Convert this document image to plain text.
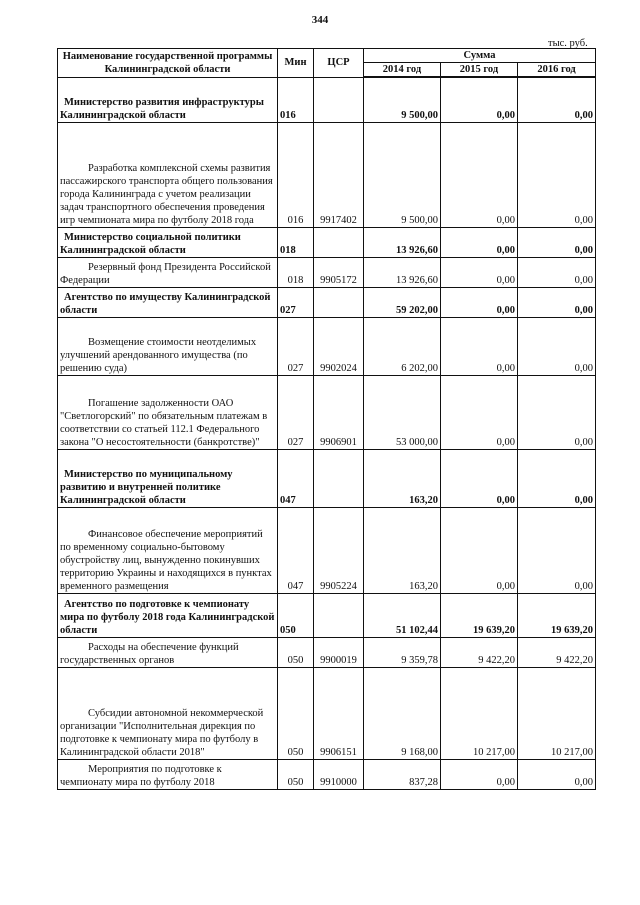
344
тыс. руб.
Наименование государственной программы Калининградской области	Мин	ЦСР	Сумма		
			2014 год	2015 год	2016 год
Министерство развития инфраструктуры Калининградской области	016		9 500,00	0,00	0,00
Разработка комплексной схемы развития пассажирского транспорта общего пользования города Калининграда с учетом реализации задач транспортного обеспечения проведения игр чемпионата мира по футболу 2018 года	016	9917402	9 500,00	0,00	0,00
Министерство социальной политики Калининградской области	018		13 926,60	0,00	0,00
Резервный фонд Президента Российской Федерации	018	9905172	13 926,60	0,00	0,00
Агентство по имуществу Калининградской области	027		59 202,00	0,00	0,00
Возмещение стоимости неотделимых улучшений арендованного имущества (по решению суда)	027	9902024	6 202,00	0,00	0,00
Погашение задолженности ОАО "Светлогорский" по обязательным платежам в соответствии со статьей 112.1 Федерального закона "О несостоятельности (банкротстве)"	027	9906901	53 000,00	0,00	0,00
Министерство по муниципальному развитию и внутренней политике Калининградской области	047		163,20	0,00	0,00
Финансовое обеспечение мероприятий по временному социально-бытовому обустройству лиц, вынужденно покинувших территорию Украины и находящихся в пунктах временного размещения	047	9905224	163,20	0,00	0,00
Агентство по подготовке к чемпионату мира по футболу 2018 года Калининградской области	050		51 102,44	19 639,20	19 639,20
Расходы на обеспечение функций государственных органов	050	9900019	9 359,78	9 422,20	9 422,20
Субсидии автономной некоммерческой организации "Исполнительная дирекция по подготовке к чемпионату мира по футболу в Калининградской области 2018"	050	9906151	9 168,00	10 217,00	10 217,00
Мероприятия по подготовке к чемпионату мира по футболу 2018	050	9910000	837,28	0,00	0,00
